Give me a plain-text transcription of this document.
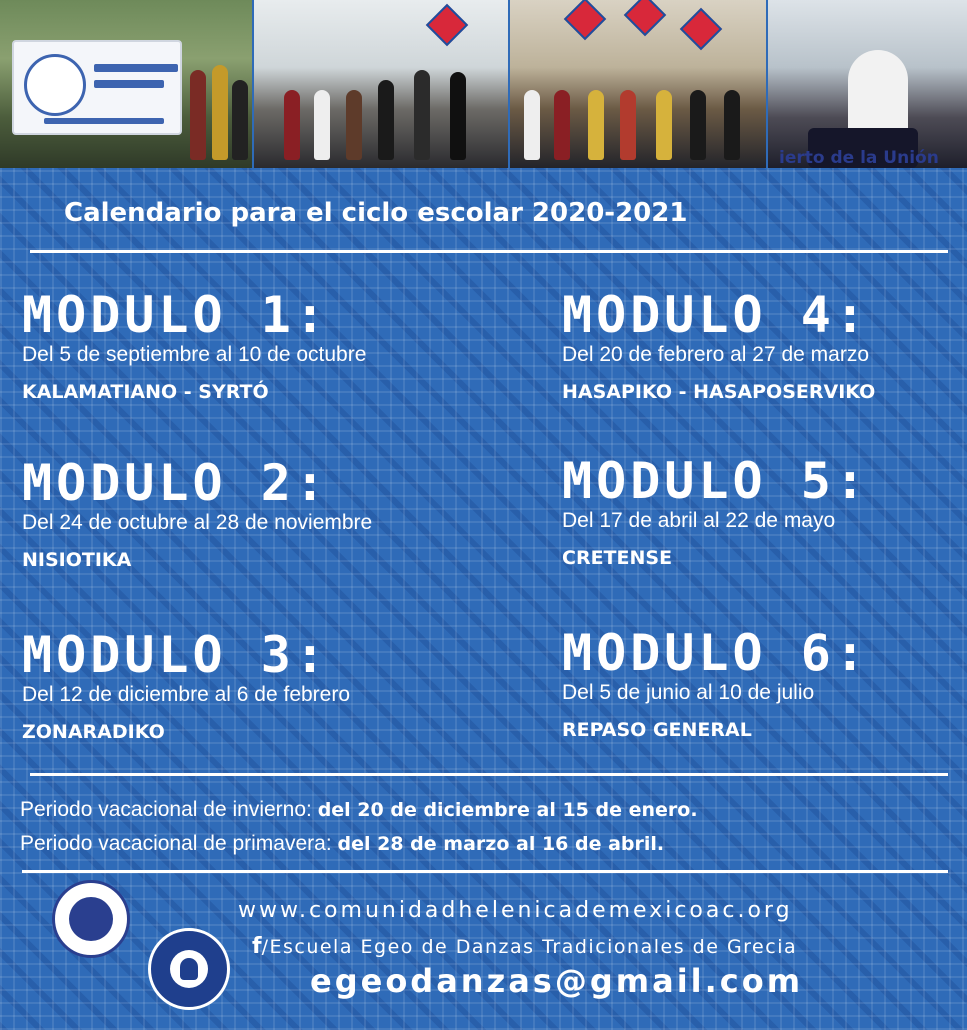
ierto de la Unión
Calendario para el ciclo escolar 2020-2021
MODULO 1:
Del 5 de septiembre al 10 de octubre
KALAMATIANO - SYRTÓ
MODULO 2:
Del 24 de octubre al 28 de noviembre
NISIOTIKA
MODULO 3:
Del 12 de diciembre al 6 de febrero
ZONARADIKO
MODULO 4:
Del 20 de febrero al 27 de marzo
HASAPIKO - HASAPOSERVIKO
MODULO 5:
Del 17 de abril al 22 de mayo
CRETENSE
MODULO 6:
Del 5 de junio al 10 de julio
REPASO GENERAL
Periodo vacacional de invierno: del 20 de diciembre al 15 de enero.
Periodo vacacional de primavera: del 28 de marzo al 16 de abril.
www.comunidadhelenicademexicoac.org
f/Escuela Egeo de Danzas Tradicionales de Grecia
egeodanzas@gmail.com
